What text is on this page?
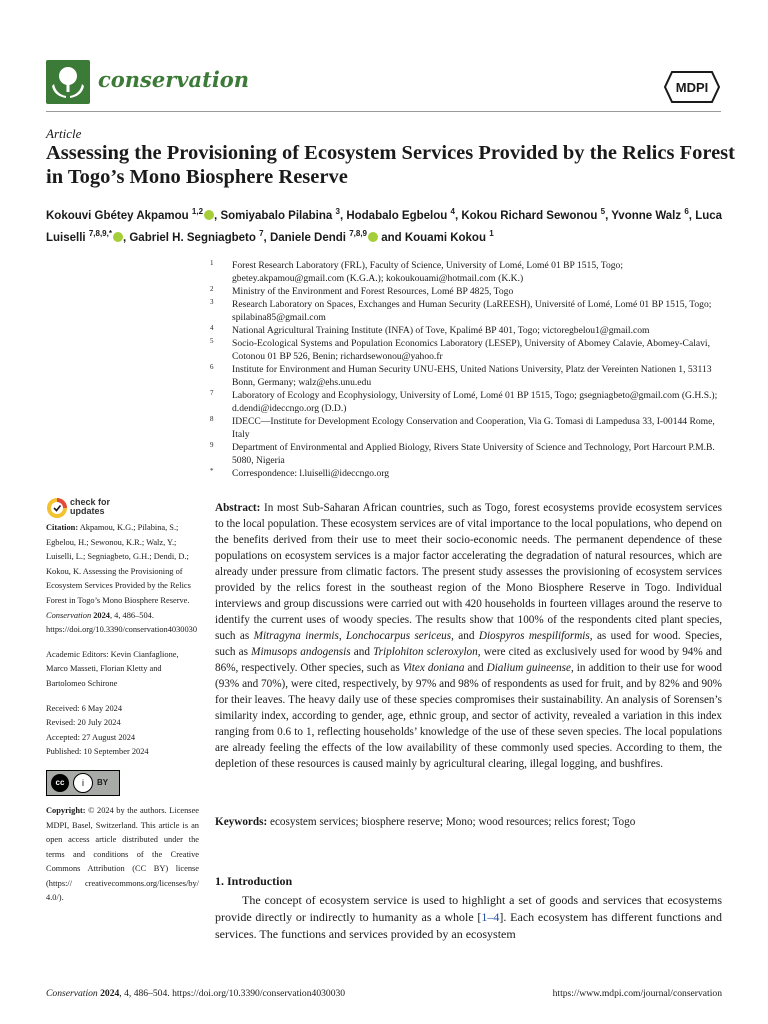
conservation	MDPI
Article
Assessing the Provisioning of Ecosystem Services Provided by the Relics Forest in Togo’s Mono Biosphere Reserve
Kokouvi Gbétey Akpamou $^{1,2}$ , Somiyabalo Pilabina $^3$, Hodabalo Egbelou $^4$, Kokou Richard Sewonou $^5$, Yvonne Walz $^6$, Luca Luiselli $^{7,8,9,*}$ , Gabriel H. Segniagbeto $^7$, Daniele Dendi $^{7,8,9}$ and Kouami Kokou $^1$
1 Forest Research Laboratory (FRL), Faculty of Science, University of Lomé, Lomé 01 BP 1515, Togo; gbetey.akpamou@gmail.com (K.G.A.); kokoukouami@hotmail.com (K.K.)
2 Ministry of the Environment and Forest Resources, Lomé BP 4825, Togo
3 Research Laboratory on Spaces, Exchanges and Human Security (LaREESH), Université of Lomé, Lomé 01 BP 1515, Togo; spilabina85@gmail.com
4 National Agricultural Training Institute (INFA) of Tove, Kpalimé BP 401, Togo; victoregbelou1@gmail.com
5 Socio-Ecological Systems and Population Economics Laboratory (LESEP), University of Abomey Calavie, Abomey-Calavi, Cotonou 01 BP 526, Benin; richardsewonou@yahoo.fr
6 Institute for Environment and Human Security UNU-EHS, United Nations University, Platz der Vereinten Nationen 1, 53113 Bonn, Germany; walz@ehs.unu.edu
7 Laboratory of Ecology and Ecophysiology, University of Lomé, Lomé 01 BP 1515, Togo; gsegniagbeto@gmail.com (G.H.S.); d.dendi@ideccngo.org (D.D.)
8 IDECC—Institute for Development Ecology Conservation and Cooperation, Via G. Tomasi di Lampedusa 33, I-00144 Rome, Italy
9 Department of Environmental and Applied Biology, Rivers State University of Science and Technology, Port Harcourt P.M.B. 5080, Nigeria
* Correspondence: l.luiselli@ideccngo.org
check for
updates
Citation: Akpamou, K.G.; Pilabina, S.; Egbelou, H.; Sewonou, K.R.; Walz, Y.; Luiselli, L.; Segniagbeto, G.H.; Dendi, D.; Kokou, K. Assessing the Provisioning of Ecosystem Services Provided by the Relics Forest in Togo’s Mono Biosphere Reserve. Conservation 2024, 4, 486–504. https://doi.org/10.3390/conservation4030030
Academic Editors: Kevin Cianfaglione, Marco Masseti, Florian Kletty and Bartolomeo Schirone
Received: 6 May 2024
Revised: 20 July 2024
Accepted: 27 August 2024
Published: 10 September 2024
cc	i	BY
Copyright: © 2024 by the authors. Licensee MDPI, Basel, Switzerland. This article is an open access article distributed under the terms and conditions of the Creative Commons Attribution (CC BY) license (https:// creativecommons.org/licenses/by/ 4.0/).
Abstract: In most Sub-Saharan African countries, such as Togo, forest ecosystems provide ecosystem services to the local population. These ecosystem services are of vital importance to the local populations, who depend on the benefits derived from their use to meet their socio-economic needs. The permanent dependence of these populations on ecosystem services is a major factor accelerating the degradation of natural resources, which are already under pressure from climatic factors. The present study assesses the provisioning of ecosystem services provided by the relics forest in the southeast region of the Mono Biosphere Reserve in Togo. Individual interviews and group discussions were carried out with 420 households in fourteen villages around the reserve to identify the current uses of woody species. The results show that 100% of the respondents cited plant species, such as Mitragyna inermis, Lonchocarpus sericeus, and Diospyros mespiliformis, as used for wood. Species, such as Mimusops andogensis and Triplohiton scleroxylon, were cited as exclusively used for wood by 94% and 86%, respectively. Other species, such as Vitex doniana and Dialium guineense, in addition to their use for wood (93% and 70%), were cited, respectively, by 97% and 98% of respondents as used for fruit, and by 82% and 90% for their leaves. The heavy daily use of these species compromises their sustainability. An analysis of Sorensen’s similarity index, according to gender, age, ethnic group, and sector of activity, revealed a variation in this index ranging from 0.6 to 1, reflecting households’ knowledge of the use of these seven species. The local populations are already feeling the effects of the low availability of these commonly used species. According to them, the depletion of these resources is caused mainly by agricultural clearing, illegal logging, and bushfires.
Keywords: ecosystem services; biosphere reserve; Mono; wood resources; relics forest; Togo
1. Introduction
The concept of ecosystem service is used to highlight a set of goods and services that ecosystems provide directly or indirectly to humanity as a whole [1–4]. Each ecosystem has different functions and services. The functions and services provided by an ecosystem
Conservation 2024, 4, 486–504. https://doi.org/10.3390/conservation4030030	https://www.mdpi.com/journal/conservation
